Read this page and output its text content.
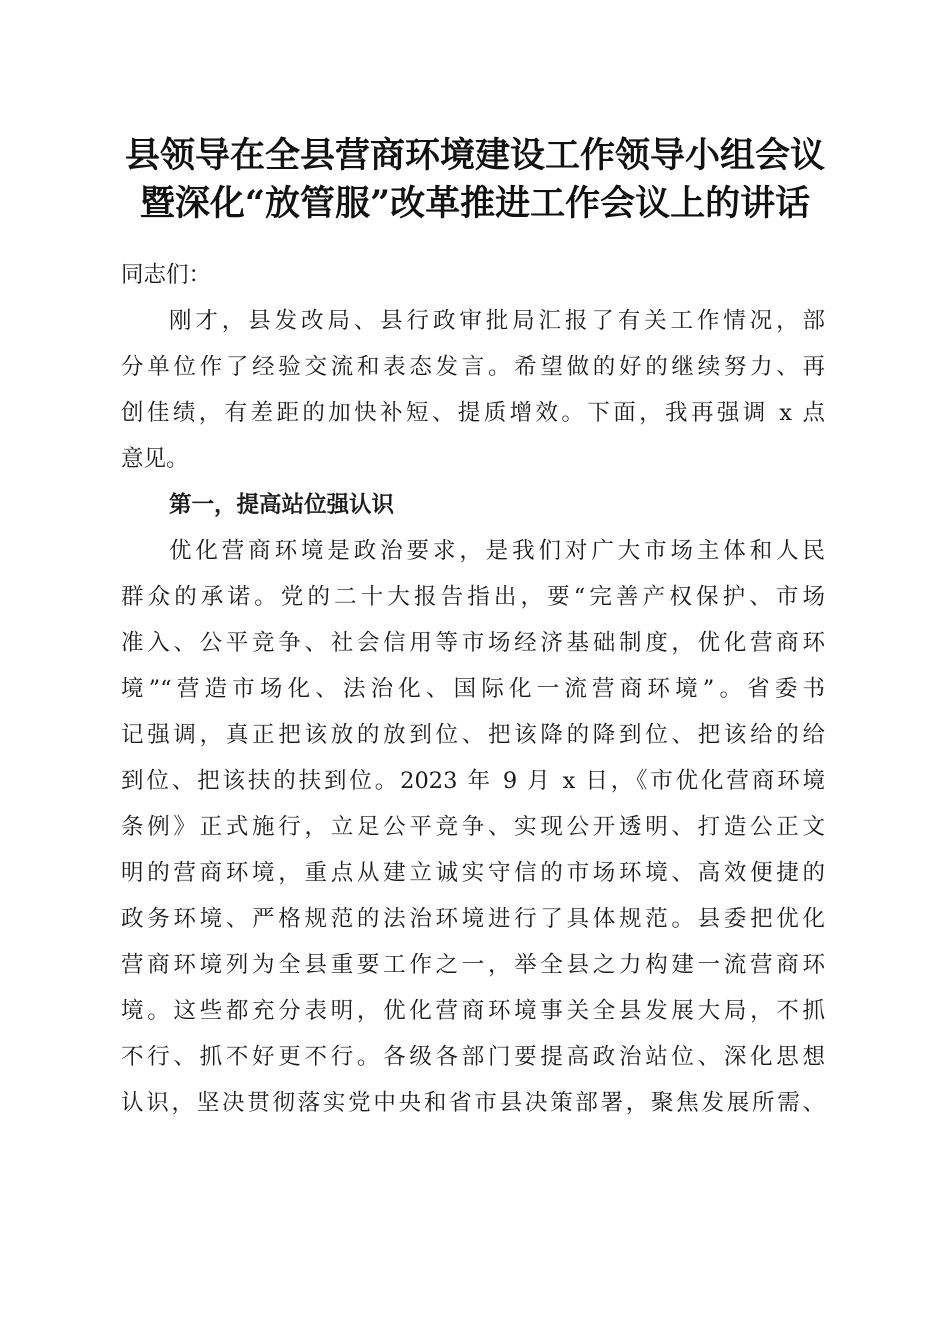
县领导在全县营商环境建设工作领导小组会议
暨深化“放管服”改革推进工作会议上的讲话
同志们：
刚才，县发改局、县行政审批局汇报了有关工作情况，部
分单位作了经验交流和表态发言。希望做的好的继续努力、再
创佳绩，有差距的加快补短、提质增效。下面，我再强调 x 点
意见。
第一，提高站位强认识
优化营商环境是政治要求，是我们对广大市场主体和人民
群众的承诺。党的二十大报告指出，要“完善产权保护、市场
准入、公平竞争、社会信用等市场经济基础制度，优化营商环
境”“营造市场化、法治化、国际化一流营商环境”。省委书
记强调，真正把该放的放到位、把该降的降到位、把该给的给
到位、把该扶的扶到位。2023 年 9 月 x 日，《市优化营商环境
条例》正式施行，立足公平竞争、实现公开透明、打造公正文
明的营商环境，重点从建立诚实守信的市场环境、高效便捷的
政务环境、严格规范的法治环境进行了具体规范。县委把优化
营商环境列为全县重要工作之一，举全县之力构建一流营商环
境。这些都充分表明，优化营商环境事关全县发展大局，不抓
不行、抓不好更不行。各级各部门要提高政治站位、深化思想
认识，坚决贯彻落实党中央和省市县决策部署，聚焦发展所需、
